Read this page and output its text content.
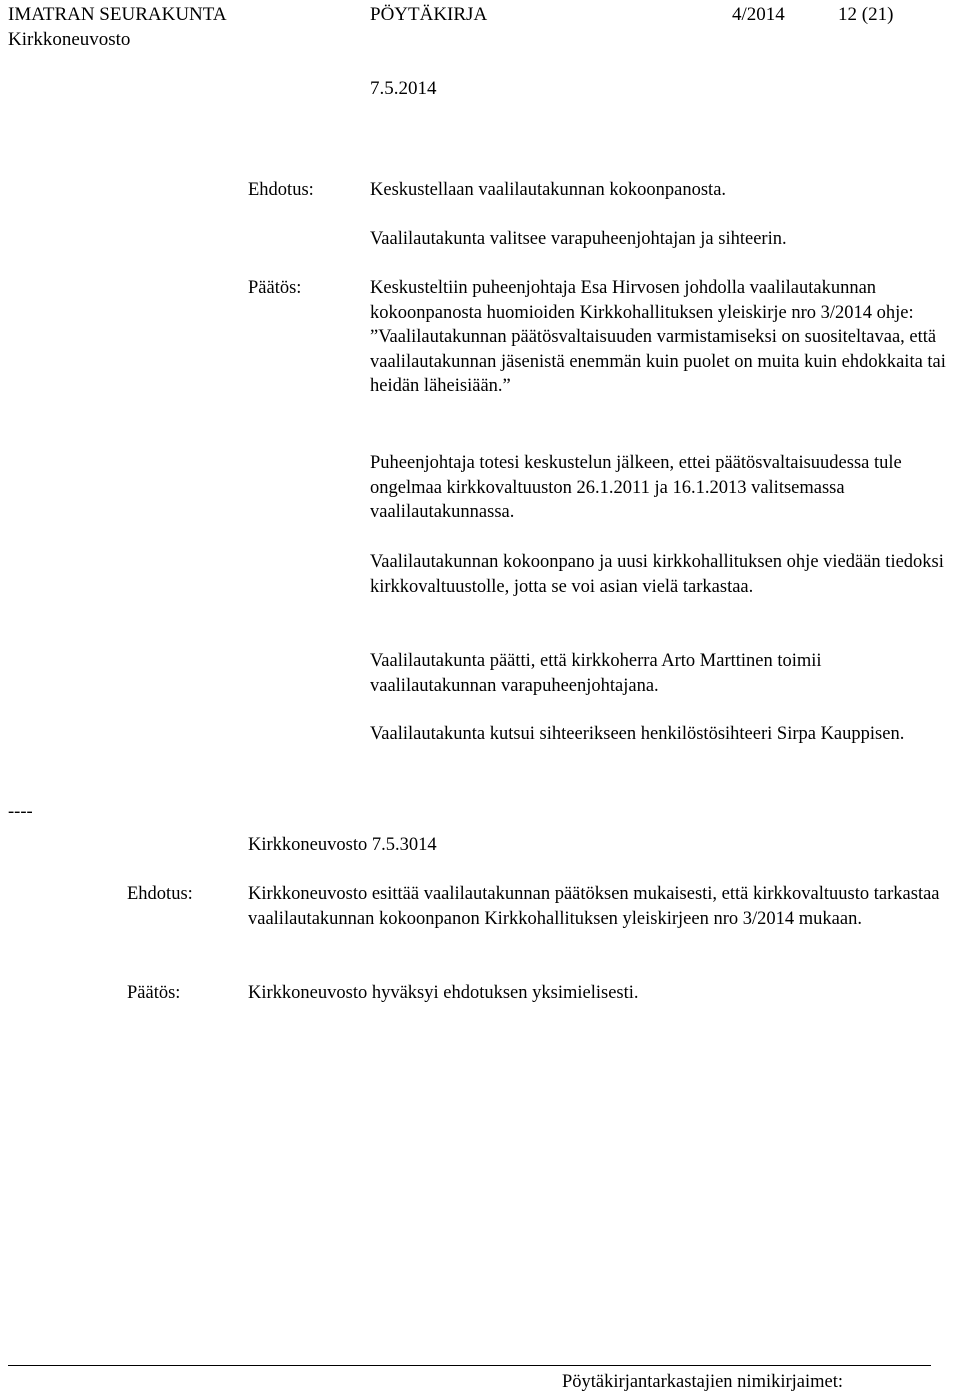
IMATRAN SEURAKUNTA	PÖYTÄKIRJA	4/2014	12 (21)
Kirkkoneuvosto
7.5.2014
Ehdotus:	Keskustellaan vaalilautakunnan kokoonpanosta.
Vaalilautakunta valitsee varapuheenjohtajan ja sihteerin.
Päätös:	Keskusteltiin puheenjohtaja Esa Hirvosen johdolla vaalilautakunnan kokoonpanosta huomioiden Kirkkohallituksen yleiskirje nro 3/2014 ohje: ”Vaalilautakunnan päätösvaltaisuuden varmistamiseksi on suositeltavaa, että vaalilautakunnan jäsenistä enemmän kuin puolet on muita kuin ehdokkaita tai heidän läheisiään.”
Puheenjohtaja totesi keskustelun jälkeen, ettei päätösvaltaisuudessa tule ongelmaa kirkkovaltuuston 26.1.2011 ja 16.1.2013 valitsemassa vaalilautakunnassa.
Vaalilautakunnan kokoonpano ja uusi kirkkohallituksen ohje viedään tiedoksi kirkkovaltuustolle, jotta se voi asian vielä tarkastaa.
Vaalilautakunta päätti, että kirkkoherra Arto Marttinen toimii vaalilautakunnan varapuheenjohtajana.
Vaalilautakunta kutsui sihteerikseen henkilöstösihteeri Sirpa Kauppisen.
----
Kirkkoneuvosto 7.5.3014
Ehdotus:	Kirkkoneuvosto esittää vaalilautakunnan päätöksen mukaisesti, että kirkkovaltuusto tarkastaa vaalilautakunnan kokoonpanon Kirkkohallituksen yleiskirjeen nro 3/2014 mukaan.
Päätös:	Kirkkoneuvosto hyväksyi ehdotuksen yksimielisesti.
Pöytäkirjantarkastajien nimikirjaimet:
